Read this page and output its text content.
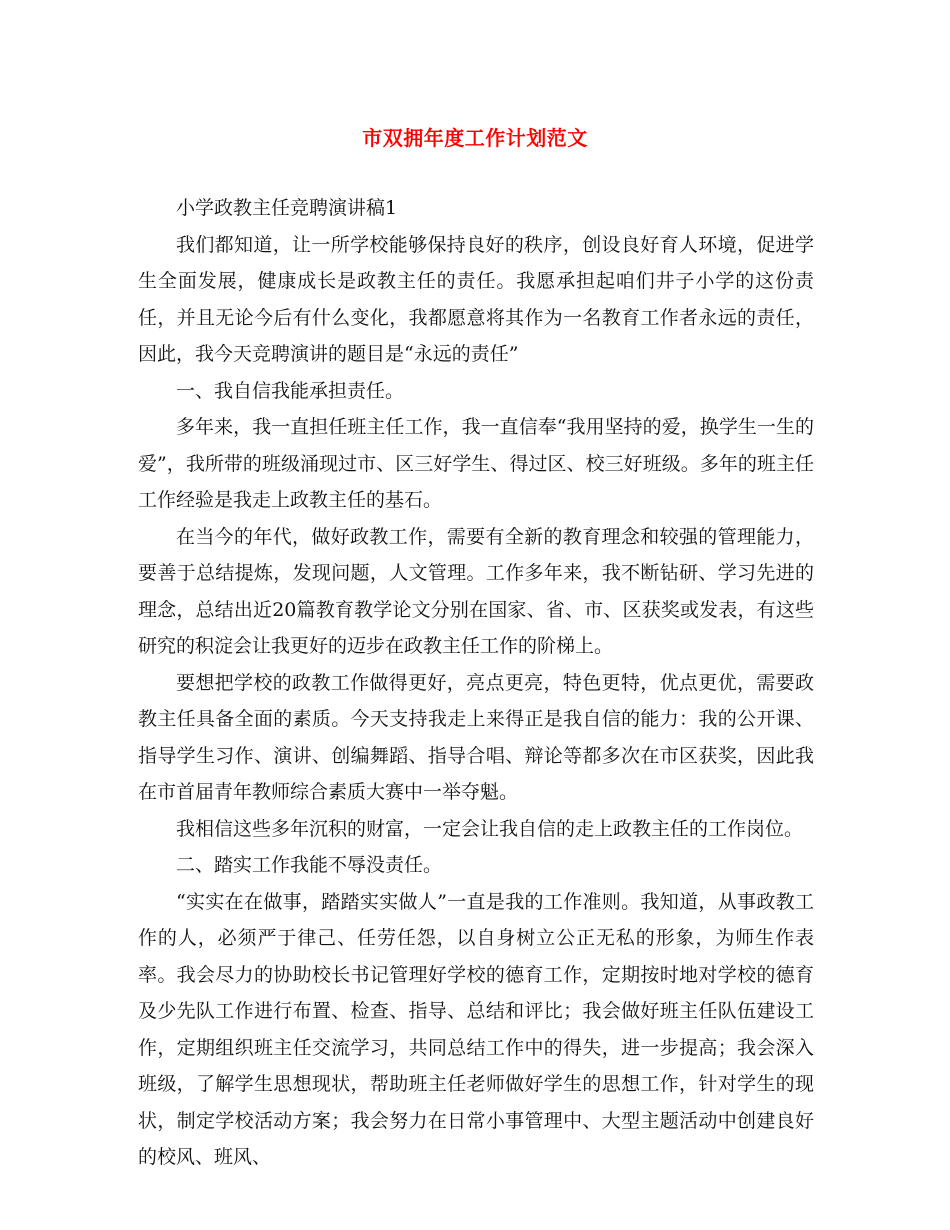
市双拥年度工作计划范文

小学政教主任竞聘演讲稿1

我们都知道，让一所学校能够保持良好的秩序，创设良好育人环境，促进学生全面发展，健康成长是政教主任的责任。我愿承担起咱们井子小学的这份责任，并且无论今后有什么变化，我都愿意将其作为一名教育工作者永远的责任，因此，我今天竞聘演讲的题目是“永远的责任”

一、我自信我能承担责任。

多年来，我一直担任班主任工作，我一直信奉“我用坚持的爱，换学生一生的爱”，我所带的班级涌现过市、区三好学生、得过区、校三好班级。多年的班主任工作经验是我走上政教主任的基石。

在当今的年代，做好政教工作，需要有全新的教育理念和较强的管理能力，要善于总结提炼，发现问题，人文管理。工作多年来，我不断钻研、学习先进的理念，总结出近20篇教育教学论文分别在国家、省、市、区获奖或发表，有这些研究的积淀会让我更好的迈步在政教主任工作的阶梯上。

要想把学校的政教工作做得更好，亮点更亮，特色更特，优点更优，需要政教主任具备全面的素质。今天支持我走上来得正是我自信的能力：我的公开课、指导学生习作、演讲、创编舞蹈、指导合唱、辩论等都多次在市区获奖，因此我在市首届青年教师综合素质大赛中一举夺魁。

我相信这些多年沉积的财富，一定会让我自信的走上政教主任的工作岗位。

二、踏实工作我能不辱没责任。

“实实在在做事，踏踏实实做人”一直是我的工作准则。我知道，从事政教工作的人，必须严于律己、任劳任怨，以自身树立公正无私的形象，为师生作表率。我会尽力的协助校长书记管理好学校的德育工作，定期按时地对学校的德育及少先队工作进行布置、检查、指导、总结和评比；我会做好班主任队伍建设工作，定期组织班主任交流学习，共同总结工作中的得失，进一步提高；我会深入班级，了解学生思想现状，帮助班主任老师做好学生的思想工作，针对学生的现状，制定学校活动方案；我会努力在日常小事管理中、大型主题活动中创建良好的校风、班风、
